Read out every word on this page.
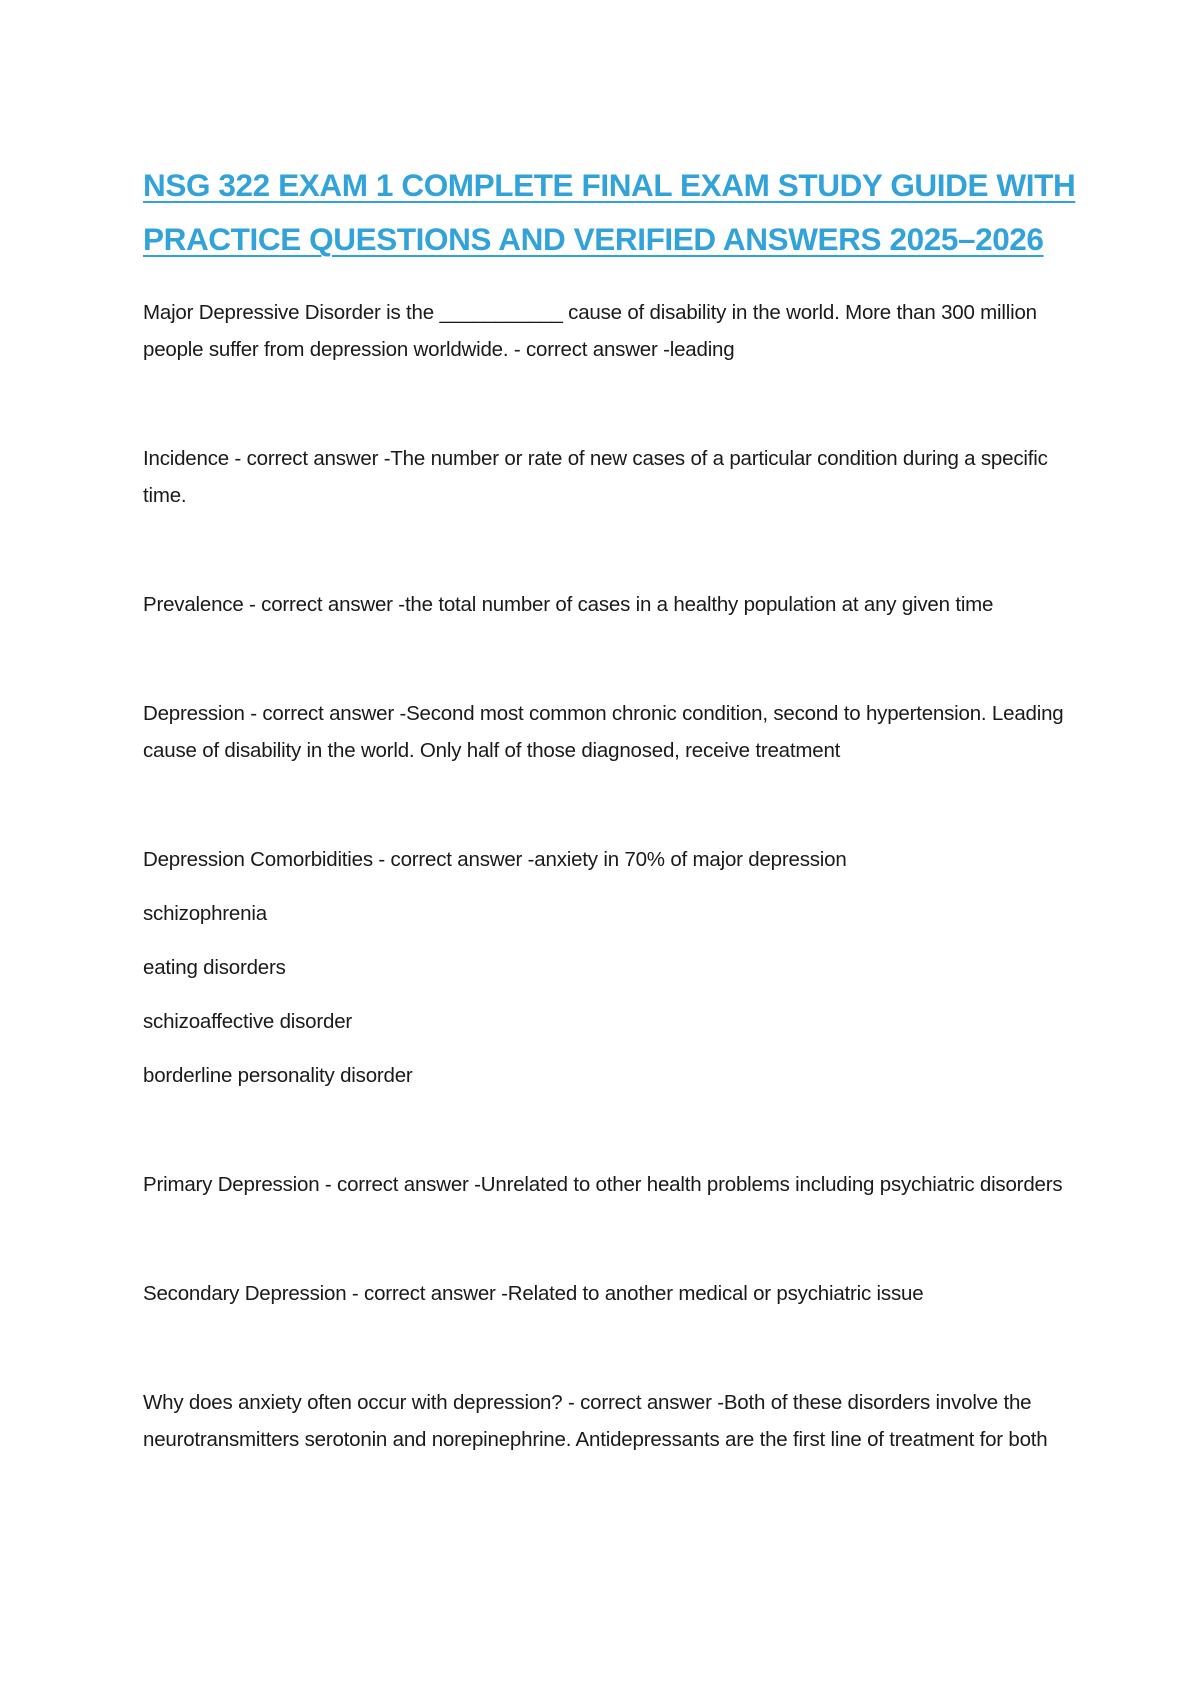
NSG 322 EXAM 1 COMPLETE FINAL EXAM STUDY GUIDE WITH
PRACTICE QUESTIONS AND VERIFIED ANSWERS 2025–2026

Major Depressive Disorder is the ___________ cause of disability in the world. More than 300 million people suffer from depression worldwide. - correct answer -leading

Incidence - correct answer -The number or rate of new cases of a particular condition during a specific time.

Prevalence - correct answer -the total number of cases in a healthy population at any given time

Depression - correct answer -Second most common chronic condition, second to hypertension. Leading cause of disability in the world. Only half of those diagnosed, receive treatment

Depression Comorbidities - correct answer -anxiety in 70% of major depression

schizophrenia
eating disorders
schizoaffective disorder
borderline personality disorder

Primary Depression - correct answer -Unrelated to other health problems including psychiatric disorders

Secondary Depression - correct answer -Related to another medical or psychiatric issue

Why does anxiety often occur with depression? - correct answer -Both of these disorders involve the neurotransmitters serotonin and norepinephrine. Antidepressants are the first line of treatment for both
